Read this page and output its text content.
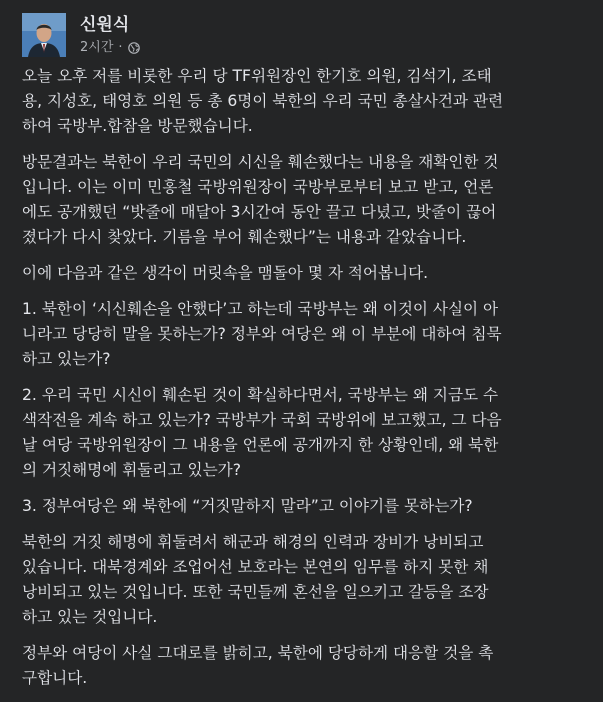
신원식
2시간 ·

오늘 오후 저를 비롯한 우리 당 TF위원장인 한기호 의원, 김석기, 조태
용, 지성호, 태영호 의원 등 총 6명이 북한의 우리 국민 총살사건과 관련
하여 국방부.합참을 방문했습니다.

방문결과는 북한이 우리 국민의 시신을 훼손했다는 내용을 재확인한 것
입니다. 이는 이미 민홍철 국방위원장이 국방부로부터 보고 받고, 언론
에도 공개했던 “밧줄에 매달아 3시간여 동안 끌고 다녔고, 밧줄이 끊어
졌다가 다시 찾았다. 기름을 부어 훼손했다”는 내용과 같았습니다.

이에 다음과 같은 생각이 머릿속을 맴돌아 몇 자 적어봅니다.

1. 북한이 ‘시신훼손을 안했다’고 하는데 국방부는 왜 이것이 사실이 아
니라고 당당히 말을 못하는가? 정부와 여당은 왜 이 부분에 대하여 침묵
하고 있는가?

2. 우리 국민 시신이 훼손된 것이 확실하다면서, 국방부는 왜 지금도 수
색작전을 계속 하고 있는가? 국방부가 국회 국방위에 보고했고, 그 다음
날 여당 국방위원장이 그 내용을 언론에 공개까지 한 상황인데, 왜 북한
의 거짓해명에 휘둘리고 있는가?

3. 정부여당은 왜 북한에 “거짓말하지 말라”고 이야기를 못하는가?

북한의 거짓 해명에 휘둘려서 해군과 해경의 인력과 장비가 낭비되고
있습니다. 대북경계와 조업어선 보호라는 본연의 임무를 하지 못한 채
낭비되고 있는 것입니다. 또한 국민들께 혼선을 일으키고 갈등을 조장
하고 있는 것입니다.

정부와 여당이 사실 그대로를 밝히고, 북한에 당당하게 대응할 것을 촉
구합니다.
